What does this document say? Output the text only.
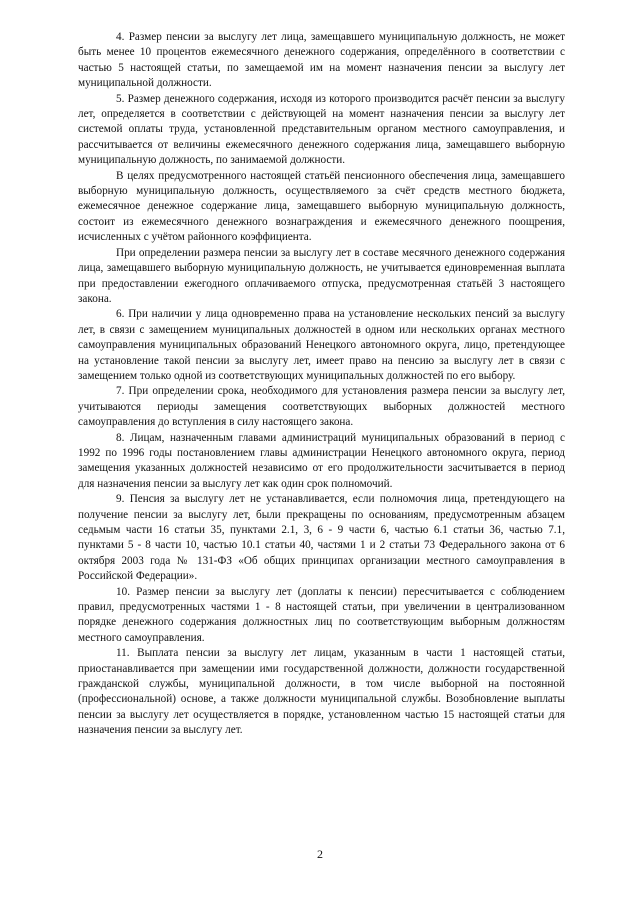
4. Размер пенсии за выслугу лет лица, замещавшего муниципальную должность, не может быть менее 10 процентов ежемесячного денежного содержания, определённого в соответствии с частью 5 настоящей статьи, по замещаемой им на момент назначения пенсии за выслугу лет муниципальной должности.

5. Размер денежного содержания, исходя из которого производится расчёт пенсии за выслугу лет, определяется в соответствии с действующей на момент назначения пенсии за выслугу лет системой оплаты труда, установленной представительным органом местного самоуправления, и рассчитывается от величины ежемесячного денежного содержания лица, замещавшего выборную муниципальную должность, по занимаемой должности.

В целях предусмотренного настоящей статьёй пенсионного обеспечения лица, замещавшего выборную муниципальную должность, осуществляемого за счёт средств местного бюджета, ежемесячное денежное содержание лица, замещавшего выборную муниципальную должность, состоит из ежемесячного денежного вознаграждения и ежемесячного денежного поощрения, исчисленных с учётом районного коэффициента.

При определении размера пенсии за выслугу лет в составе месячного денежного содержания лица, замещавшего выборную муниципальную должность, не учитывается единовременная выплата при предоставлении ежегодного оплачиваемого отпуска, предусмотренная статьёй 3 настоящего закона.

6. При наличии у лица одновременно права на установление нескольких пенсий за выслугу лет, в связи с замещением муниципальных должностей в одном или нескольких органах местного самоуправления муниципальных образований Ненецкого автономного округа, лицо, претендующее на установление такой пенсии за выслугу лет, имеет право на пенсию за выслугу лет в связи с замещением только одной из соответствующих муниципальных должностей по его выбору.

7. При определении срока, необходимого для установления размера пенсии за выслугу лет, учитываются периоды замещения соответствующих выборных должностей местного самоуправления до вступления в силу настоящего закона.

8. Лицам, назначенным главами администраций муниципальных образований в период с 1992 по 1996 годы постановлением главы администрации Ненецкого автономного округа, период замещения указанных должностей независимо от его продолжительности засчитывается в период для назначения пенсии за выслугу лет как один срок полномочий.

9. Пенсия за выслугу лет не устанавливается, если полномочия лица, претендующего на получение пенсии за выслугу лет, были прекращены по основаниям, предусмотренным абзацем седьмым части 16 статьи 35, пунктами 2.1, 3, 6 - 9 части 6, частью 6.1 статьи 36, частью 7.1, пунктами 5 - 8 части 10, частью 10.1 статьи 40, частями 1 и 2 статьи 73 Федерального закона от 6 октября 2003 года № 131-ФЗ «Об общих принципах организации местного самоуправления в Российской Федерации».

10. Размер пенсии за выслугу лет (доплаты к пенсии) пересчитывается с соблюдением правил, предусмотренных частями 1 - 8 настоящей статьи, при увеличении в централизованном порядке денежного содержания должностных лиц по соответствующим выборным должностям местного самоуправления.

11. Выплата пенсии за выслугу лет лицам, указанным в части 1 настоящей статьи, приостанавливается при замещении ими государственной должности, должности государственной гражданской службы, муниципальной должности, в том числе выборной на постоянной (профессиональной) основе, а также должности муниципальной службы. Возобновление выплаты пенсии за выслугу лет осуществляется в порядке, установленном частью 15 настоящей статьи для назначения пенсии за выслугу лет.

2
